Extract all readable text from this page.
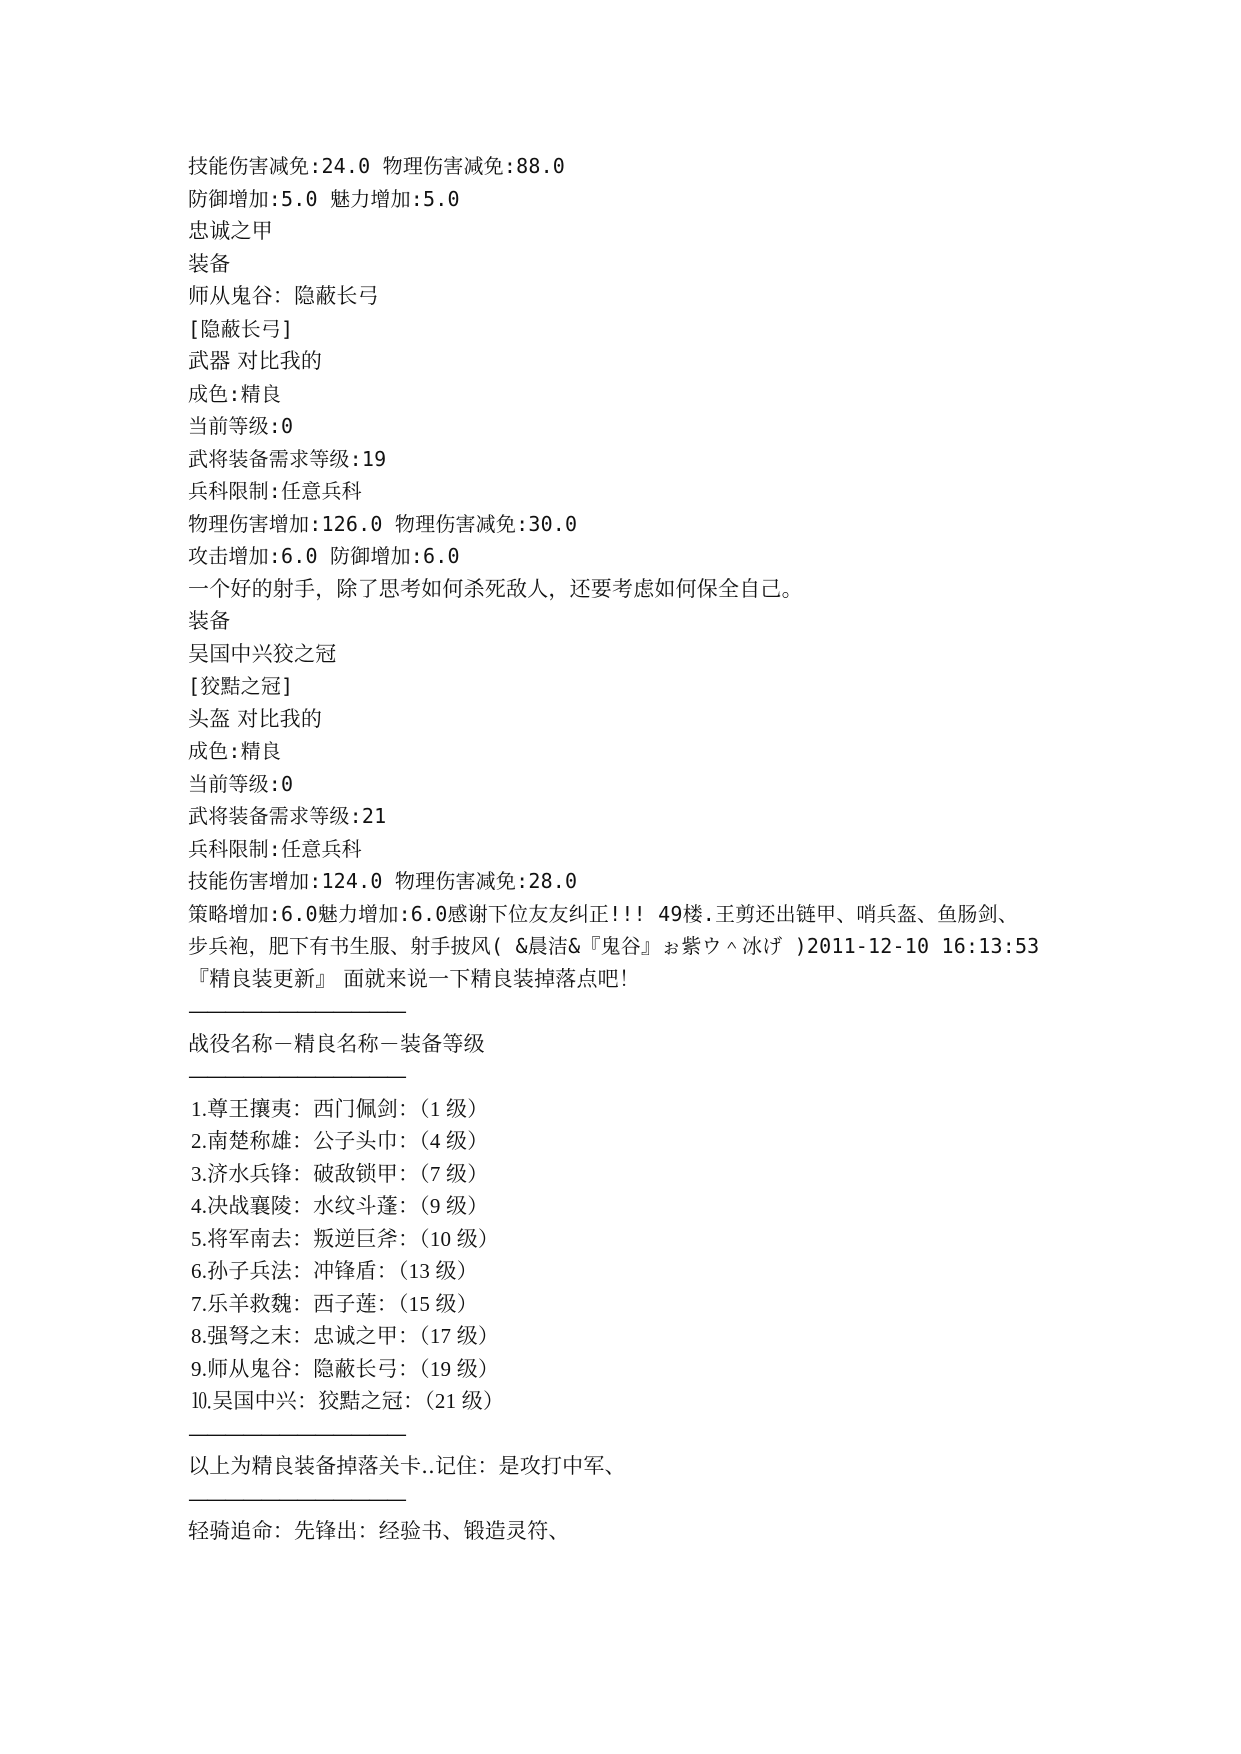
技能伤害减免:24.0 物理伤害减免:88.0
防御增加:5.0 魅力增加:5.0
忠诚之甲
装备
师从鬼谷：隐蔽长弓
[隐蔽长弓]
武器 对比我的
成色:精良
当前等级:0
武将装备需求等级:19
兵科限制:任意兵科
物理伤害增加:126.0 物理伤害减免:30.0
攻击增加:6.0 防御增加:6.0
一个好的射手，除了思考如何杀死敌人，还要考虑如何保全自己。
装备
吴国中兴狡之冠
[狡黠之冠]
头盔 对比我的
成色:精良
当前等级:0
武将装备需求等级:21
兵科限制:任意兵科
技能伤害增加:124.0 物理伤害减免:28.0
策略增加:6.0魅力增加:6.0感谢下位友友纠正!!! 49楼.王剪还出链甲、哨兵盔、鱼肠剑、
步兵袍，肥下有书生服、射手披风( &晨洁&『鬼谷』ぉ紫ウ＾冰げ )2011-12-10 16:13:53
『精良装更新』 面就来说一下精良装掉落点吧！
————————————
战役名称－精良名称－装备等级
————————————
1.尊王攘夷：西门佩剑：（1 级）
2.南楚称雄：公子头巾：（4 级）
3.济水兵锋：破敌锁甲：（7 级）
4.决战襄陵：水纹斗蓬：（9 级）
5.将军南去：叛逆巨斧：（10 级）
6.孙子兵法：冲锋盾：（13 级）
7.乐羊救魏：西子莲：（15 级）
8.强弩之末：忠诚之甲：（17 级）
9.师从鬼谷：隐蔽长弓：（19 级）
⒑吴国中兴：狡黠之冠：（21 级）
————————————
以上为精良装备掉落关卡..记住：是攻打中军、
————————————
轻骑追命：先锋出：经验书、锻造灵符、
